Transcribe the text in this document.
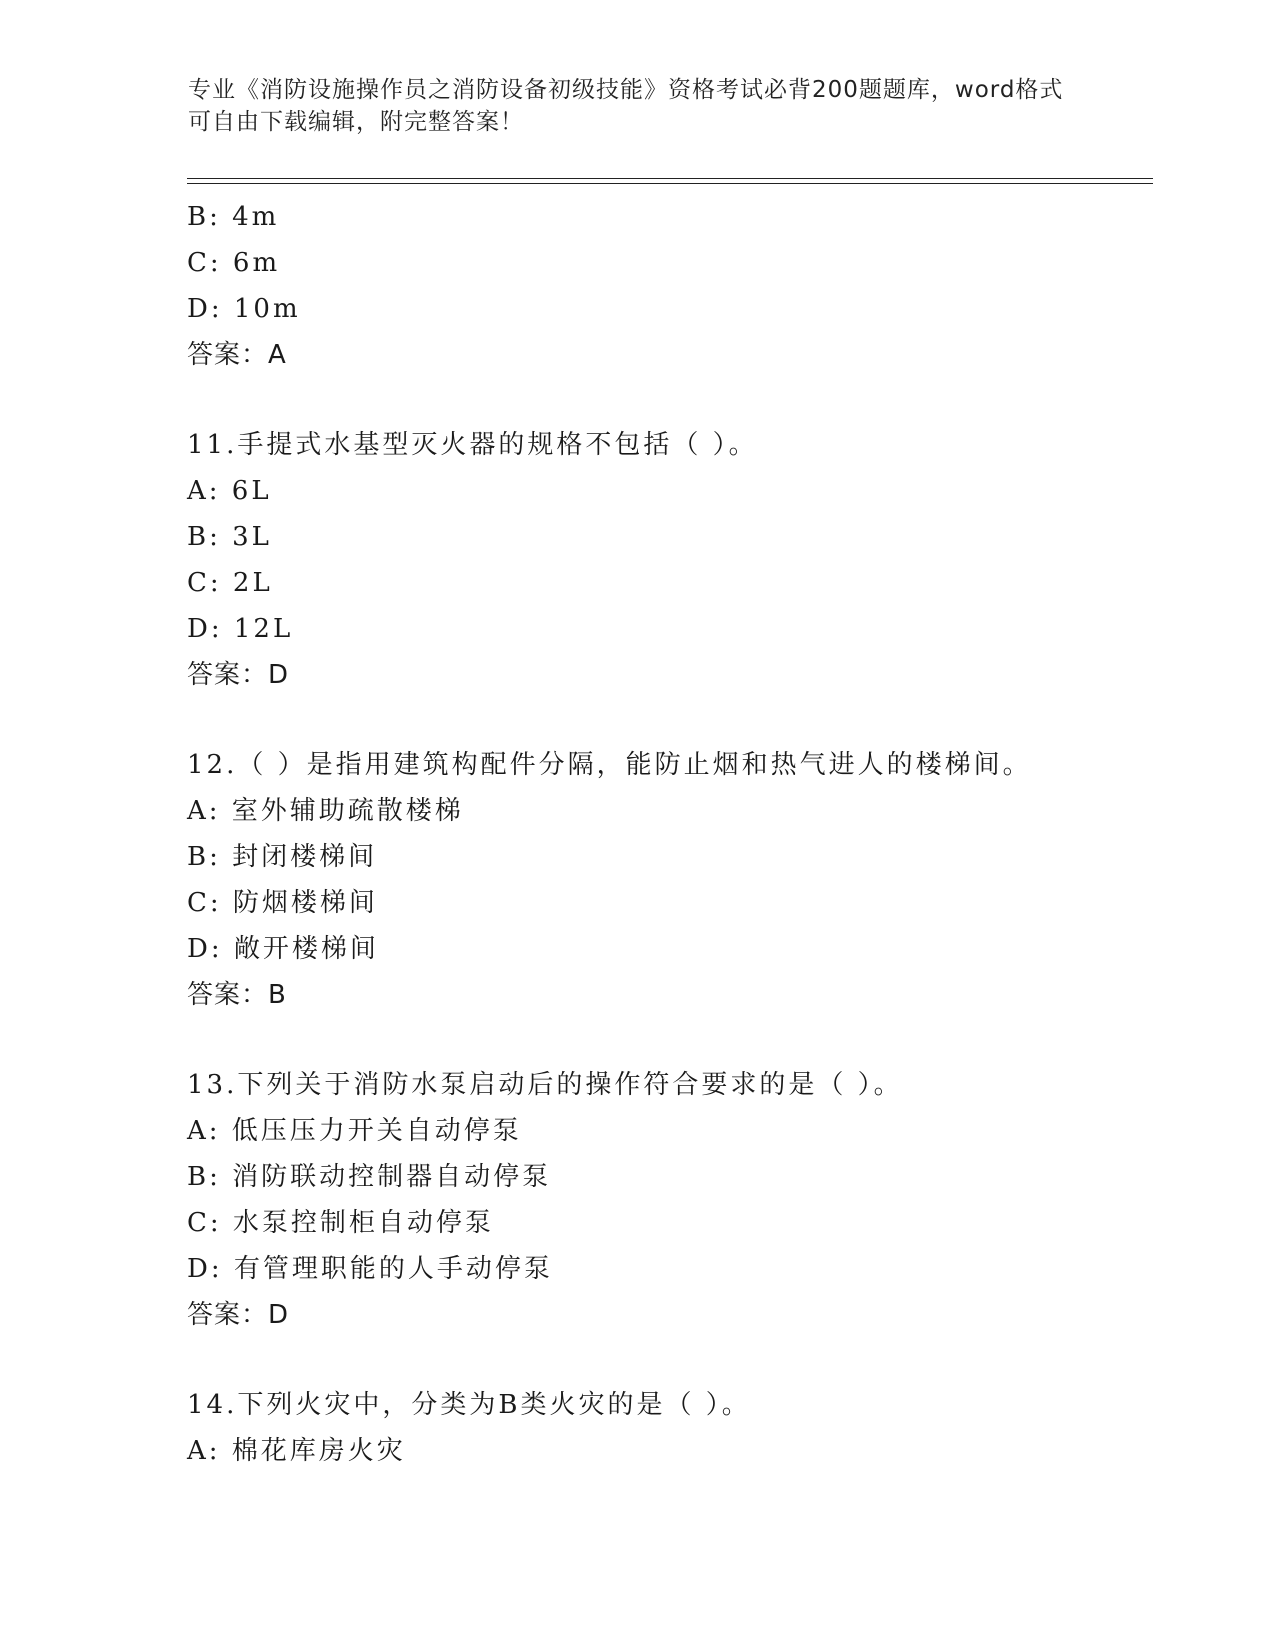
专业《消防设施操作员之消防设备初级技能》资格考试必背200题题库，word格式可自由下载编辑，附完整答案！
B: 4m
C: 6m
D: 10m
答案：A
11.手提式水基型灭火器的规格不包括（ ）。
A: 6L
B: 3L
C: 2L
D: 12L
答案：D
12.（ ）是指用建筑构配件分隔，能防止烟和热气进人的楼梯间。
A: 室外辅助疏散楼梯
B: 封闭楼梯间
C: 防烟楼梯间
D: 敞开楼梯间
答案：B
13.下列关于消防水泵启动后的操作符合要求的是（ ）。
A: 低压压力开关自动停泵
B: 消防联动控制器自动停泵
C: 水泵控制柜自动停泵
D: 有管理职能的人手动停泵
答案：D
14.下列火灾中，分类为B类火灾的是（ ）。
A: 棉花库房火灾
